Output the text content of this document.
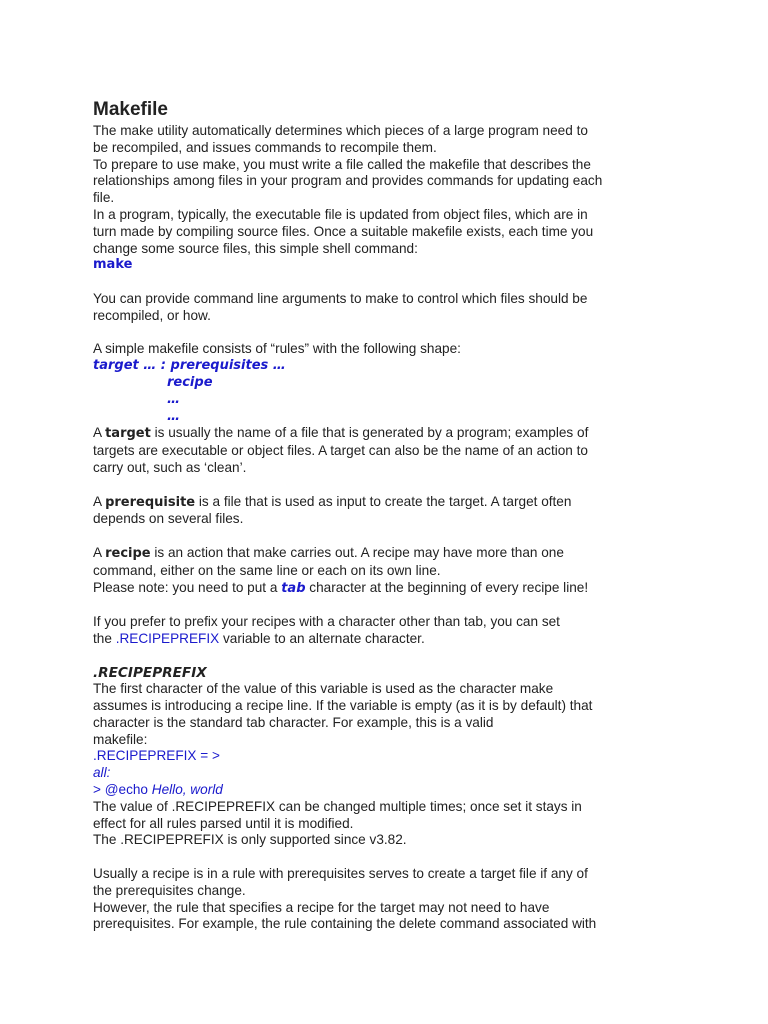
Makefile
The make utility automatically determines which pieces of a large program need to
be recompiled, and issues commands to recompile them.
To prepare to use make, you must write a file called the makefile that describes the
relationships among files in your program and provides commands for updating each
file.
In a program, typically, the executable file is updated from object files, which are in
turn made by compiling source files. Once a suitable makefile exists, each time you
change some source files, this simple shell command:
make
You can provide command line arguments to make to control which files should be
recompiled, or how.
A simple makefile consists of “rules” with the following shape:
target … : prerequisites …
recipe
…
…
A target is usually the name of a file that is generated by a program; examples of
targets are executable or object files. A target can also be the name of an action to
carry out, such as ‘clean’.
A prerequisite is a file that is used as input to create the target. A target often
depends on several files.
A recipe is an action that make carries out. A recipe may have more than one
command, either on the same line or each on its own line.
Please note: you need to put a tab character at the beginning of every recipe line!
If you prefer to prefix your recipes with a character other than tab, you can set
the .RECIPEPREFIX variable to an alternate character.
.RECIPEPREFIX
The first character of the value of this variable is used as the character make
assumes is introducing a recipe line. If the variable is empty (as it is by default) that
character is the standard tab character. For example, this is a valid
makefile:
.RECIPEPREFIX = >
all:
> @echo Hello, world
The value of .RECIPEPREFIX can be changed multiple times; once set it stays in
effect for all rules parsed until it is modified.
The .RECIPEPREFIX is only supported since v3.82.
Usually a recipe is in a rule with prerequisites serves to create a target file if any of
the prerequisites change.
However, the rule that specifies a recipe for the target may not need to have
prerequisites. For example, the rule containing the delete command associated with
